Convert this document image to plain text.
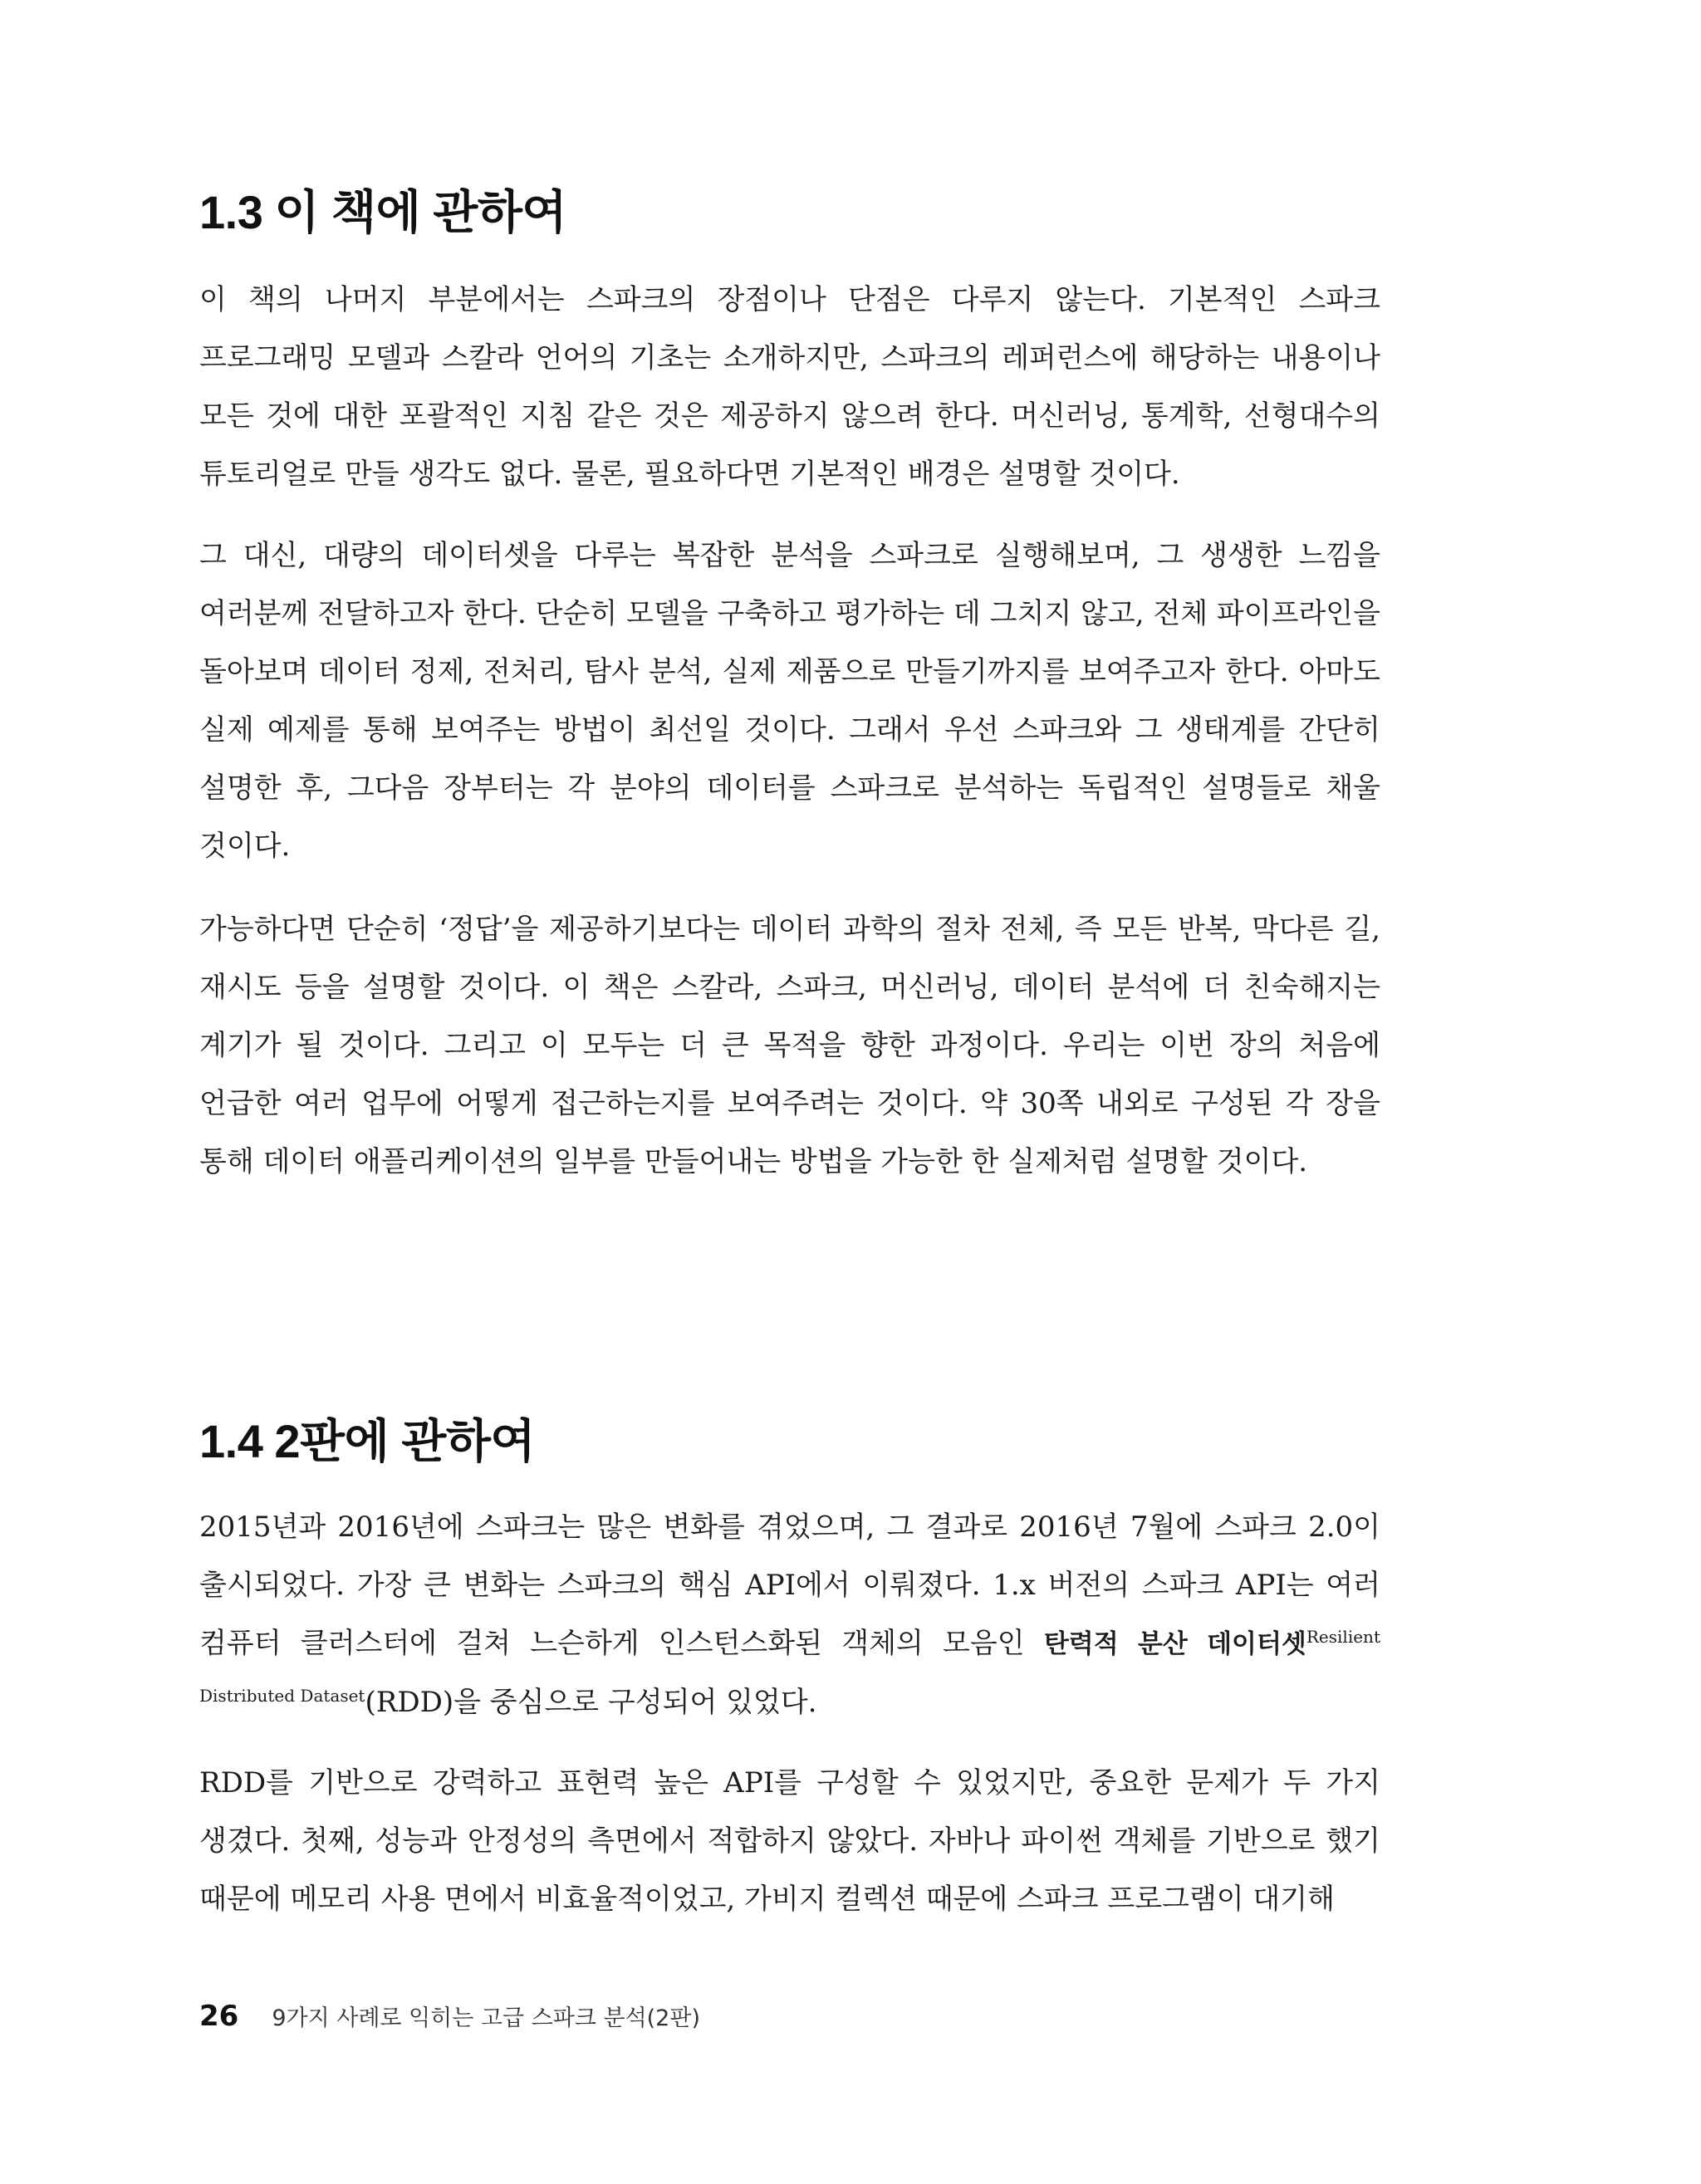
1.3 이 책에 관하여

이 책의 나머지 부분에서는 스파크의 장점이나 단점은 다루지 않는다. 기본적인 스파크 프로그래밍 모델과 스칼라 언어의 기초는 소개하지만, 스파크의 레퍼런스에 해당하는 내용이나 모든 것에 대한 포괄적인 지침 같은 것은 제공하지 않으려 한다. 머신러닝, 통계학, 선형대수의 튜토리얼로 만들 생각도 없다. 물론, 필요하다면 기본적인 배경은 설명할 것이다.

그 대신, 대량의 데이터셋을 다루는 복잡한 분석을 스파크로 실행해보며, 그 생생한 느낌을 여러분께 전달하고자 한다. 단순히 모델을 구축하고 평가하는 데 그치지 않고, 전체 파이프라인을 돌아보며 데이터 정제, 전처리, 탐사 분석, 실제 제품으로 만들기까지를 보여주고자 한다. 아마도 실제 예제를 통해 보여주는 방법이 최선일 것이다. 그래서 우선 스파크와 그 생태계를 간단히 설명한 후, 그다음 장부터는 각 분야의 데이터를 스파크로 분석하는 독립적인 설명들로 채울 것이다.

가능하다면 단순히 ‘정답’을 제공하기보다는 데이터 과학의 절차 전체, 즉 모든 반복, 막다른 길, 재시도 등을 설명할 것이다. 이 책은 스칼라, 스파크, 머신러닝, 데이터 분석에 더 친숙해지는 계기가 될 것이다. 그리고 이 모두는 더 큰 목적을 향한 과정이다. 우리는 이번 장의 처음에 언급한 여러 업무에 어떻게 접근하는지를 보여주려는 것이다. 약 30쪽 내외로 구성된 각 장을 통해 데이터 애플리케이션의 일부를 만들어내는 방법을 가능한 한 실제처럼 설명할 것이다.

1.4 2판에 관하여

2015년과 2016년에 스파크는 많은 변화를 겪었으며, 그 결과로 2016년 7월에 스파크 2.0이 출시되었다. 가장 큰 변화는 스파크의 핵심 API에서 이뤄졌다. 1.x 버전의 스파크 API는 여러 컴퓨터 클러스터에 걸쳐 느슨하게 인스턴스화된 객체의 모음인 탄력적 분산 데이터셋$^{Resilient Distributed Dataset}$(RDD)을 중심으로 구성되어 있었다.

RDD를 기반으로 강력하고 표현력 높은 API를 구성할 수 있었지만, 중요한 문제가 두 가지 생겼다. 첫째, 성능과 안정성의 측면에서 적합하지 않았다. 자바나 파이썬 객체를 기반으로 했기 때문에 메모리 사용 면에서 비효율적이었고, 가비지 컬렉션 때문에 스파크 프로그램이 대기해

26 9가지 사례로 익히는 고급 스파크 분석(2판)
